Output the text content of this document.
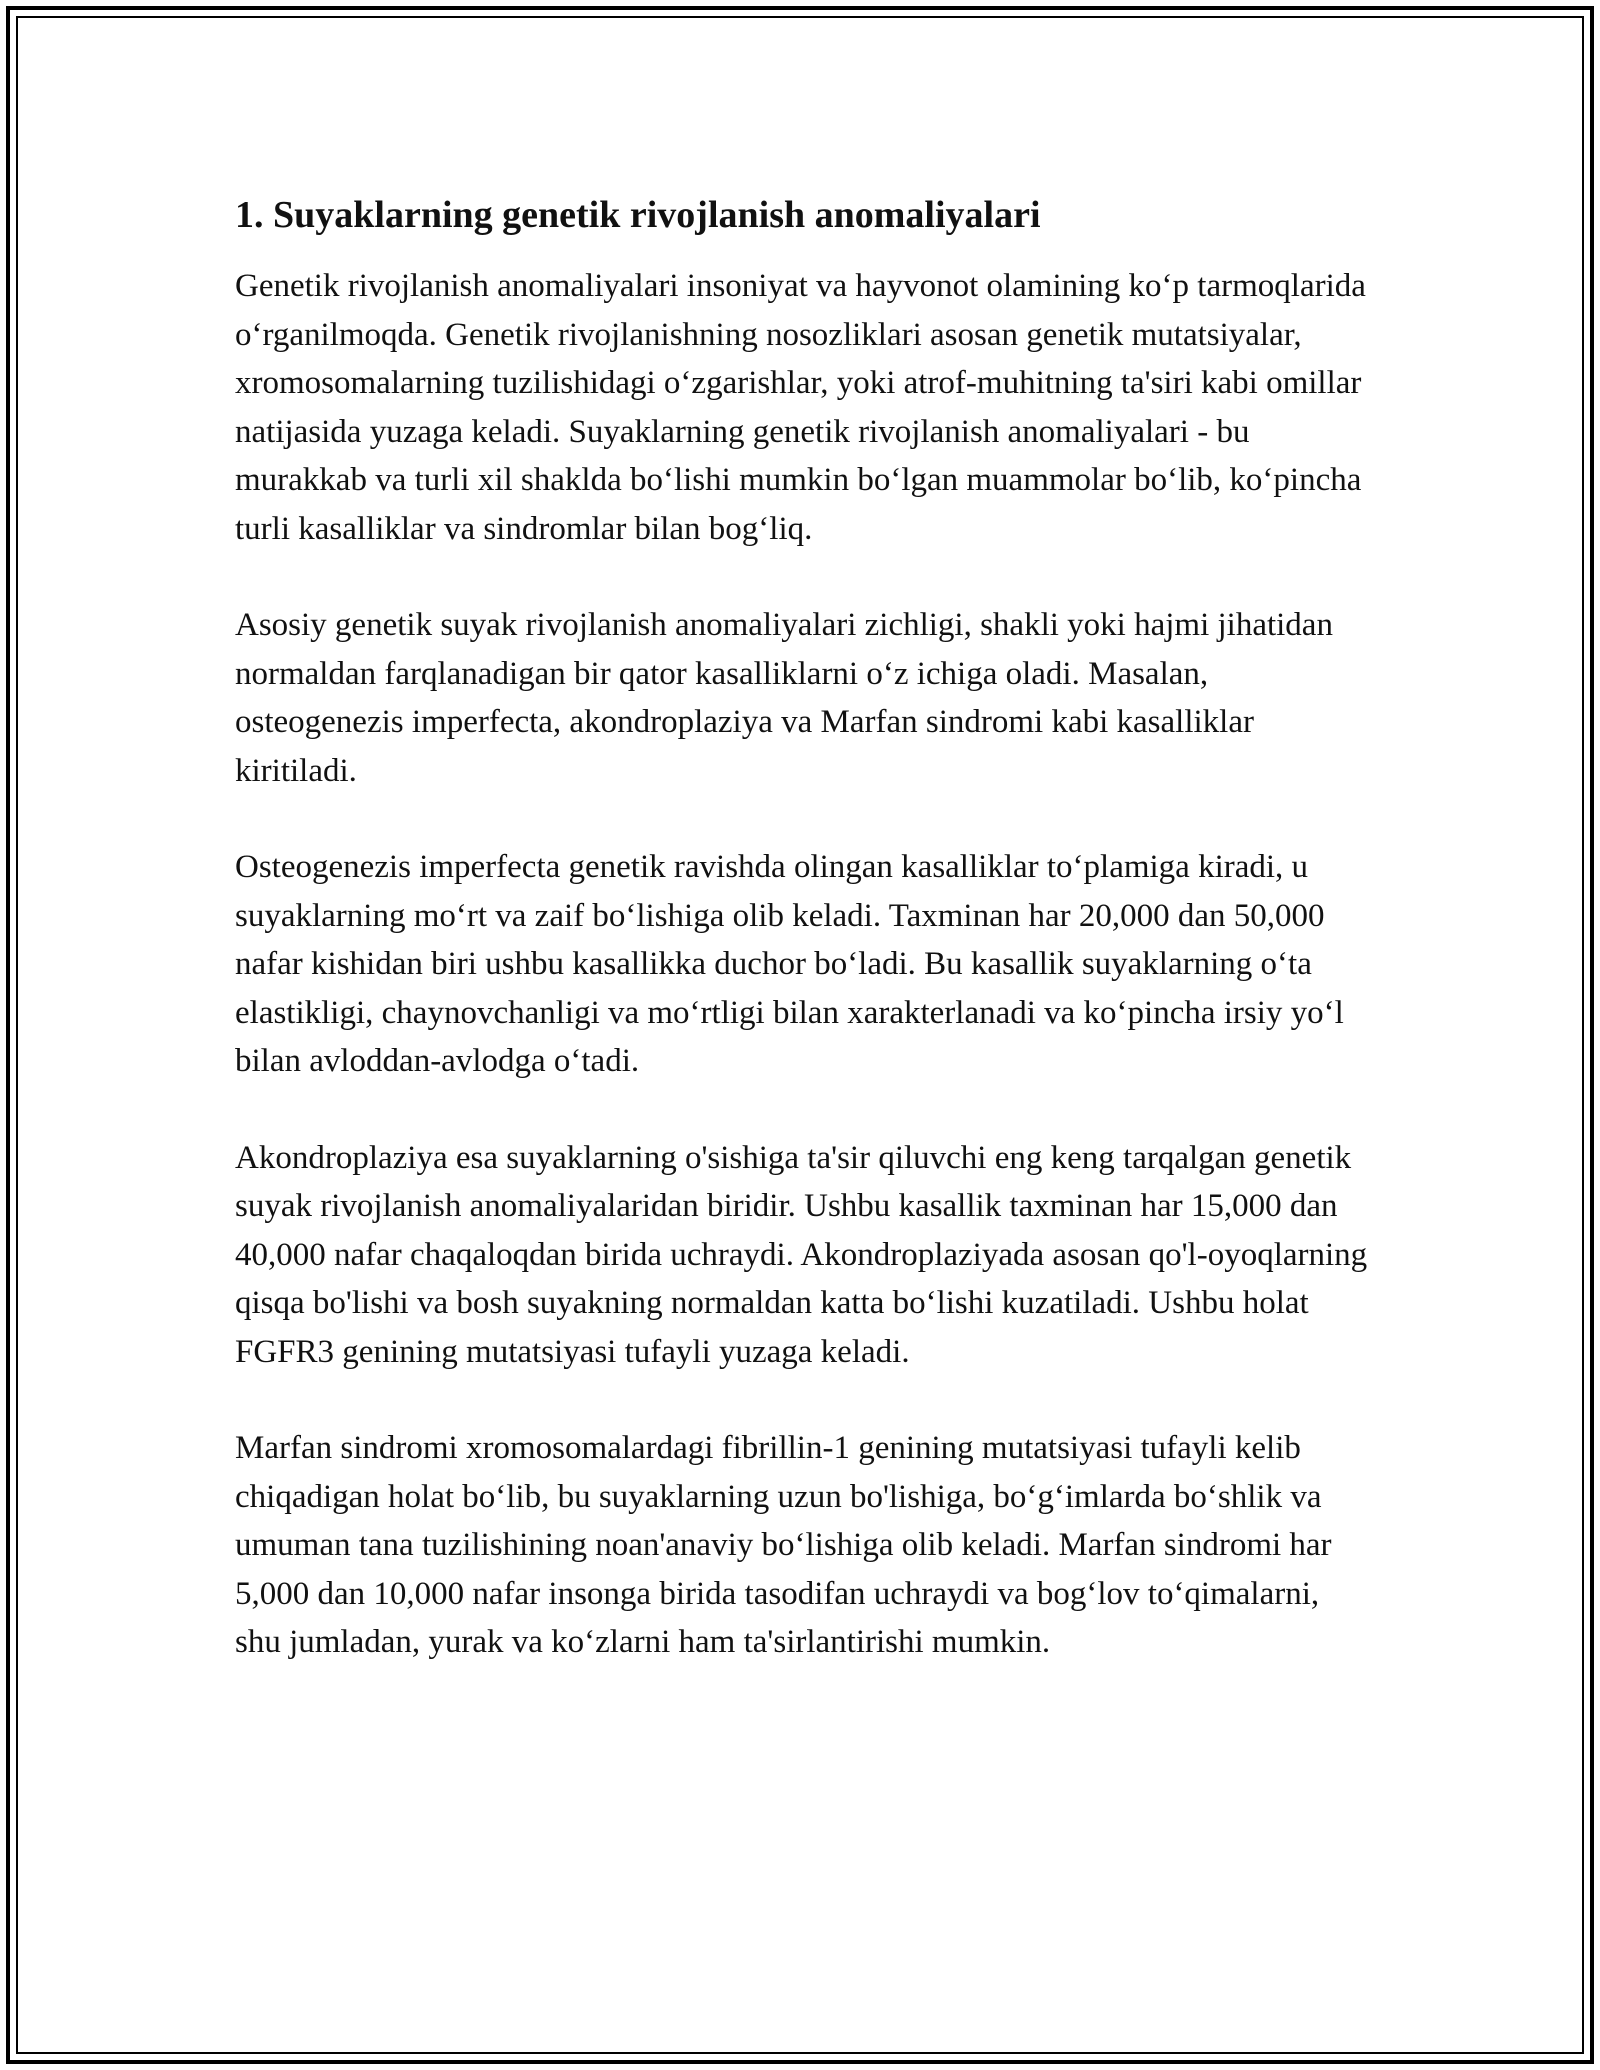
1. Suyaklarning genetik rivojlanish anomaliyalari

Genetik rivojlanish anomaliyalari insoniyat va hayvonot olamining ko‘p tarmoqlarida o‘rganilmoqda. Genetik rivojlanishning nosozliklari asosan genetik mutatsiyalar, xromosomalarning tuzilishidagi o‘zgarishlar, yoki atrof-muhitning ta'siri kabi omillar natijasida yuzaga keladi. Suyaklarning genetik rivojlanish anomaliyalari - bu murakkab va turli xil shaklda bo‘lishi mumkin bo‘lgan muammolar bo‘lib, ko‘pincha turli kasalliklar va sindromlar bilan bog‘liq.

Asosiy genetik suyak rivojlanish anomaliyalari zichligi, shakli yoki hajmi jihatidan normaldan farqlanadigan bir qator kasalliklarni o‘z ichiga oladi. Masalan, osteogenezis imperfecta, akondroplaziya va Marfan sindromi kabi kasalliklar kiritiladi.

Osteogenezis imperfecta genetik ravishda olingan kasalliklar to‘plamiga kiradi, u suyaklarning mo‘rt va zaif bo‘lishiga olib keladi. Taxminan har 20,000 dan 50,000 nafar kishidan biri ushbu kasallikka duchor bo‘ladi. Bu kasallik suyaklarning o‘ta elastikligi, chaynovchanligi va mo‘rtligi bilan xarakterlanadi va ko‘pincha irsiy yo‘l bilan avloddan-avlodga o‘tadi.

Akondroplaziya esa suyaklarning o'sishiga ta'sir qiluvchi eng keng tarqalgan genetik suyak rivojlanish anomaliyalaridan biridir. Ushbu kasallik taxminan har 15,000 dan 40,000 nafar chaqaloqdan birida uchraydi. Akondroplaziyada asosan qo'l-oyoqlarning qisqa bo'lishi va bosh suyakning normaldan katta bo‘lishi kuzatiladi. Ushbu holat FGFR3 genining mutatsiyasi tufayli yuzaga keladi.

Marfan sindromi xromosomalardagi fibrillin-1 genining mutatsiyasi tufayli kelib chiqadigan holat bo‘lib, bu suyaklarning uzun bo'lishiga, bo‘g‘imlarda bo‘shlik va umuman tana tuzilishining noan'anaviy bo‘lishiga olib keladi. Marfan sindromi har 5,000 dan 10,000 nafar insonga birida tasodifan uchraydi va bog‘lov to‘qimalarni, shu jumladan, yurak va ko‘zlarni ham ta'sirlantirishi mumkin.
